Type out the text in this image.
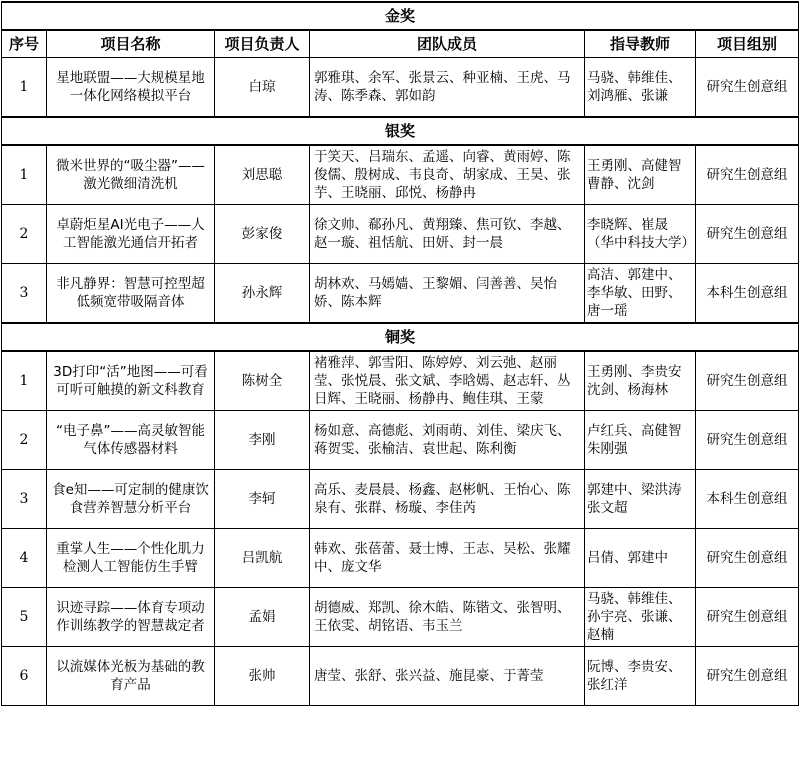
金奖					
序号	项目名称	项目负责人	团队成员	指导教师	项目组别
1	星地联盟——大规模星地一体化网络模拟平台	白琼	郭雅琪、余军、张景云、种亚楠、王虎、马涛、陈季森、郭如韵	马骁、韩维佳、刘鸿雁、张谦	研究生创意组
银奖					
1	微米世界的“吸尘器”——激光微细清洗机	刘思聪	于笑天、吕瑞东、孟遥、向睿、黄雨婷、陈俊儒、殷树成、韦良奇、胡家成、王昊、张芋、王晓丽、邱悦、杨静冉	王勇刚、高健智曹静、沈剑	研究生创意组
2	卓蔚炬星AI光电子——人工智能激光通信开拓者	彭家俊	徐文帅、郗孙凡、黄翔臻、焦可钦、李越、赵一璇、祖恬航、田妍、封一晨	李晓辉、崔晟（华中科技大学）	研究生创意组
3	非凡静界：智慧可控型超低频宽带吸隔音体	孙永辉	胡林欢、马嫣嫱、王黎媚、闫善善、吴怡娇、陈本辉	高洁、郭建中、李华敏、田野、唐一瑶	本科生创意组
铜奖					
1	3D打印“活”地图——可看可听可触摸的新文科教育	陈树全	褚雅萍、郭雪阳、陈婷婷、刘云弛、赵丽莹、张悦晨、张文斌、李晗嫣、赵志轩、丛日辉、王晓丽、杨静冉、鲍佳琪、王蒙	王勇刚、李贵安沈剑、杨海林	研究生创意组
2	“电子鼻”——高灵敏智能气体传感器材料	李刚	杨如意、高德彪、刘雨萌、刘佳、梁庆飞、蒋贺雯、张榆洁、袁世起、陈利衡	卢红兵、高健智朱刚强	研究生创意组
3	食e知——可定制的健康饮食营养智慧分析平台	李轲	高乐、麦晨晨、杨鑫、赵彬帆、王怡心、陈泉有、张群、杨璇、李佳芮	郭建中、梁洪涛张文超	本科生创意组
4	重掌人生——个性化肌力检测人工智能仿生手臂	吕凯航	韩欢、张蓓蕾、聂士博、王志、吴松、张耀中、庞文华	吕倩、郭建中	研究生创意组
5	识迹寻踪——体育专项动作训练教学的智慧裁定者	孟娟	胡德威、郑凯、徐木皓、陈锴文、张智明、王依雯、胡铭语、韦玉兰	马骁、韩维佳、孙宇亮、张谦、赵楠	研究生创意组
6	以流媒体光板为基础的教育产品	张帅	唐莹、张舒、张兴益、施昆豪、于菁莹	阮博、李贵安、张红洋	研究生创意组
